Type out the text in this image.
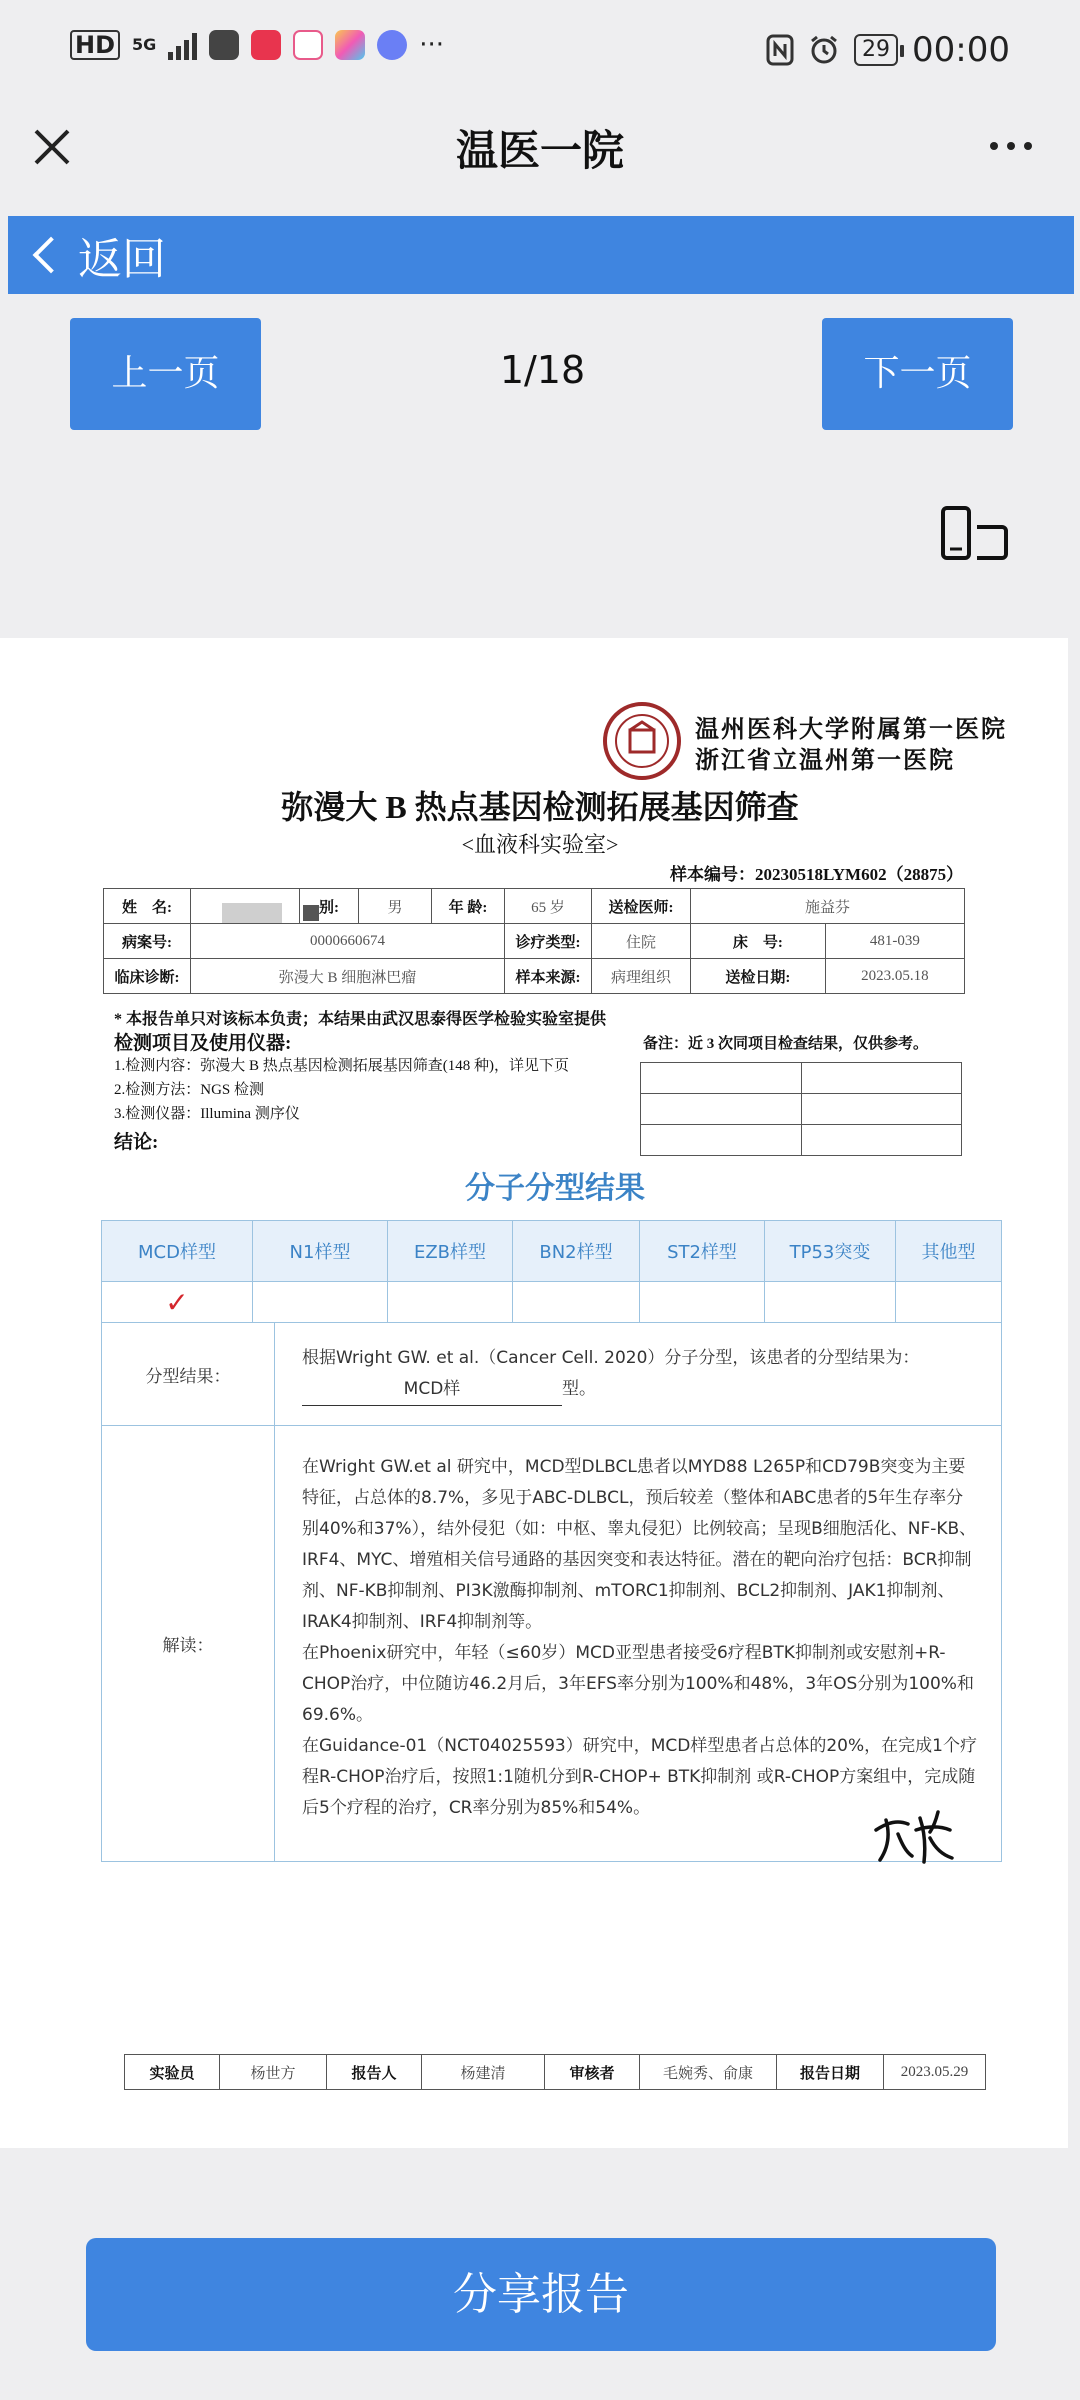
HD	5G	···	29 00:00
温医一院
返回
上一页	1/18	下一页
温州医科大学附属第一医院
浙江省立温州第一医院
弥漫大 B 热点基因检测拓展基因筛查
<血液科实验室>
样本编号：20230518LYM602（28875）
姓　名:		别:	男	年 龄:	65 岁	送检医师:	施益芬	
病案号:	0000660674				诊疗类型:	住院	床　号:	481-039
临床诊断:	弥漫大 B 细胞淋巴瘤				样本来源:	病理组织	送检日期:	2023.05.18
* 本报告单只对该标本负责；本结果由武汉思泰得医学检验实验室提供
检测项目及使用仪器:
1.检测内容：弥漫大 B 热点基因检测拓展基因筛查(148 种)，详见下页
2.检测方法：NGS 检测
3.检测仪器：Illumina 测序仪
备注：近 3 次同项目检查结果，仅供参考。

结论:
分子分型结果
MCD样型	N1样型	EZB样型	BN2样型	ST2样型	TP53突变	其他型
✓						
分型结果：	根据Wright GW. et al.（Cancer Cell. 2020）分子分型，该患者的分型结果为：
MCD样 型。

解读：	在Wright GW.et al 研究中，MCD型DLBCL患者以MYD88 L265P和CD79B突变为主要特征，占总体的8.7%，多见于ABC-DLBCL，预后较差（整体和ABC患者的5年生存率分别40%和37%），结外侵犯（如：中枢、睾丸侵犯）比例较高；呈现B细胞活化、NF-KB、IRF4、MYC、增殖相关信号通路的基因突变和表达特征。潜在的靶向治疗包括：BCR抑制剂、NF-KB抑制剂、PI3K激酶抑制剂、mTORC1抑制剂、BCL2抑制剂、JAK1抑制剂、IRAK4抑制剂、IRF4抑制剂等。

在Phoenix研究中，年轻（≤60岁）MCD亚型患者接受6疗程BTK抑制剂或安慰剂+R-CHOP治疗，中位随访46.2月后，3年EFS率分别为100%和48%，3年OS分别为100%和69.6%。

在Guidance-01（NCT04025593）研究中，MCD样型患者占总体的20%，在完成1个疗程R-CHOP治疗后，按照1:1随机分到R-CHOP+ BTK抑制剂 或R-CHOP方案组中，完成随后5个疗程的治疗，CR率分别为85%和54%。

实验员	杨世方	报告人	杨建清	审核者	毛婉秀、俞康	报告日期	2023.05.29
分享报告
